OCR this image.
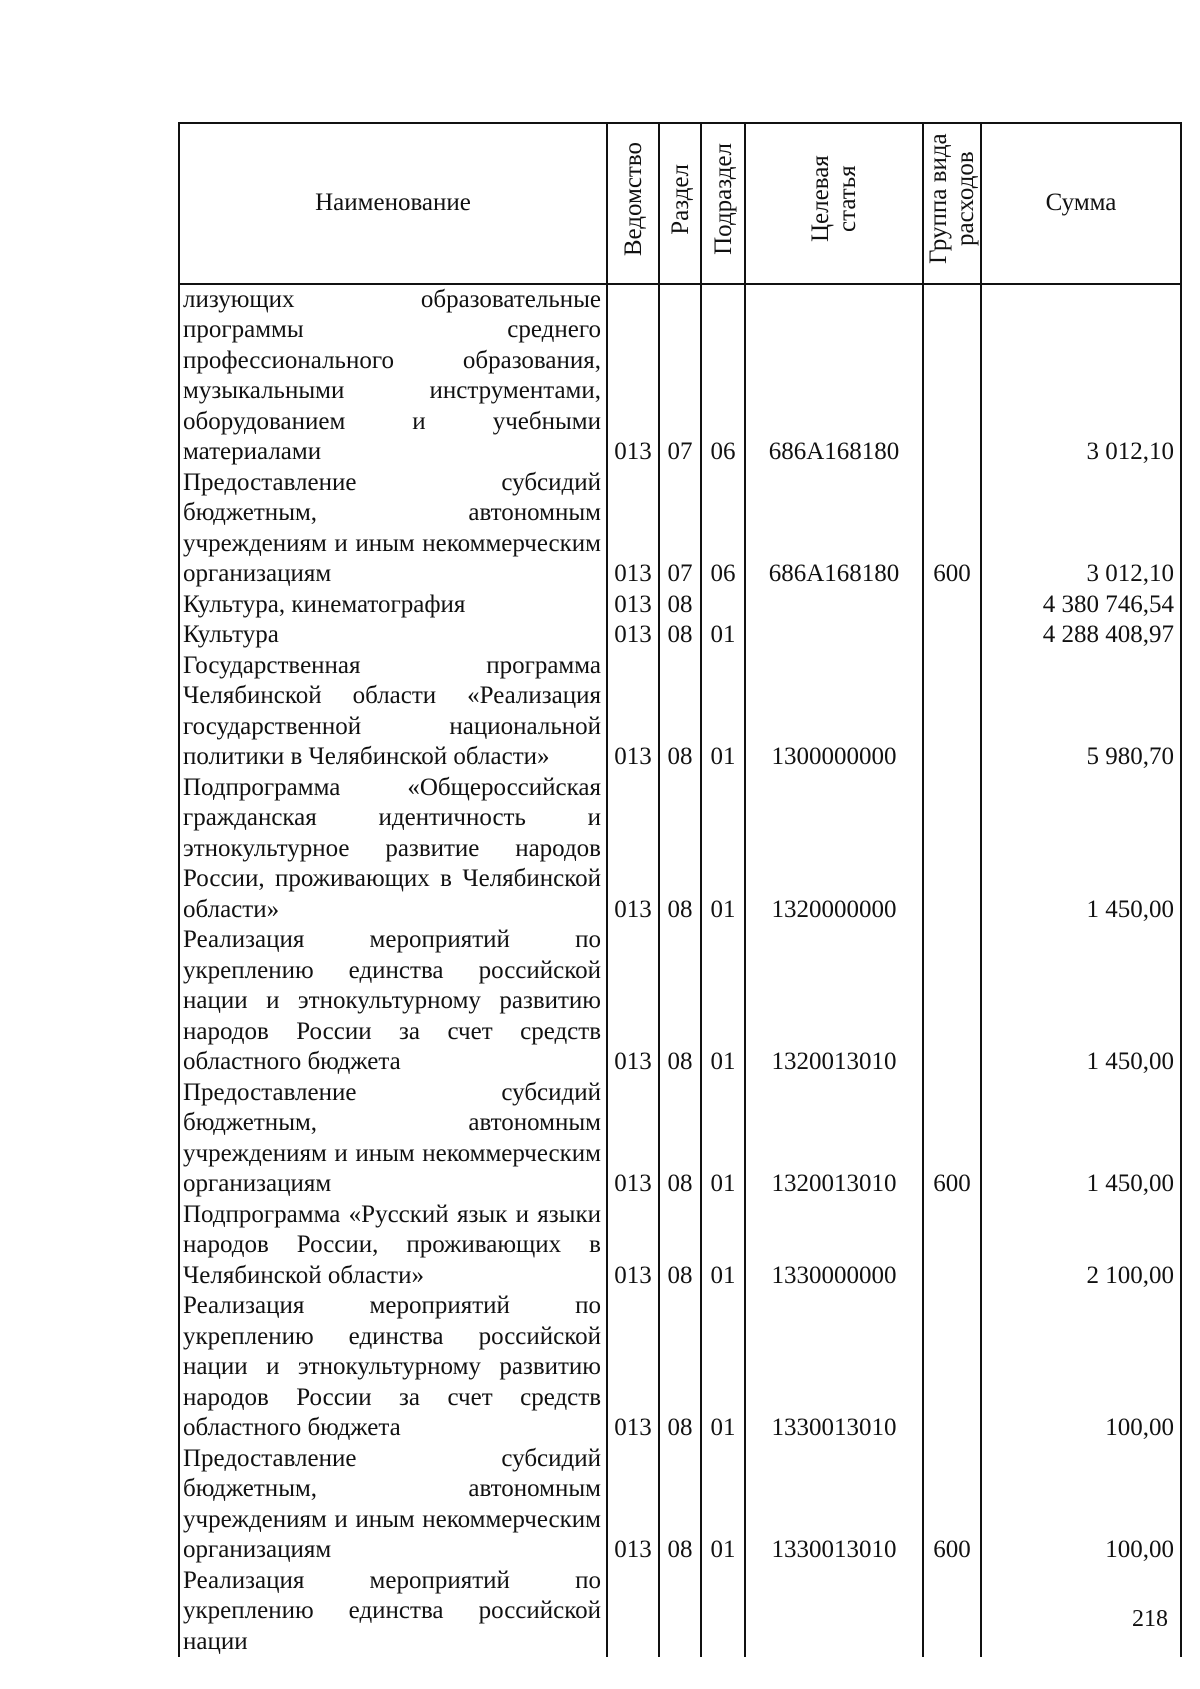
Наименование	Ведомство	Раздел	Подраздел	Целевая статья	Группа вида расходов	Сумма
лизующих образовательные программы среднего профессионального образования, музыкальными инструментами, оборудованием и учебными материалами	013	07	06	686A168180		3 012,10
Предоставление субсидий бюджетным, автономным учреждениям и иным некоммерческим организациям	013	07	06	686A168180	600	3 012,10
Культура, кинематография	013	08				4 380 746,54
Культура	013	08	01			4 288 408,97
Государственная программа Челябинской области «Реализация государственной национальной политики в Челябинской области»	013	08	01	1300000000		5 980,70
Подпрограмма «Общероссийская гражданская идентичность и этнокультурное развитие народов России, проживающих в Челябинской области»	013	08	01	1320000000		1 450,00
Реализация мероприятий по укреплению единства российской нации и этнокультурному развитию народов России за счет средств областного бюджета	013	08	01	1320013010		1 450,00
Предоставление субсидий бюджетным, автономным учреждениям и иным некоммерческим организациям	013	08	01	1320013010	600	1 450,00
Подпрограмма «Русский язык и языки народов России, проживающих в Челябинской области»	013	08	01	1330000000		2 100,00
Реализация мероприятий по укреплению единства российской нации и этнокультурному развитию народов России за счет средств областного бюджета	013	08	01	1330013010		100,00
Предоставление субсидий бюджетным, автономным учреждениям и иным некоммерческим организациям	013	08	01	1330013010	600	100,00
Реализация мероприятий по укреплению единства российской нации						
218
